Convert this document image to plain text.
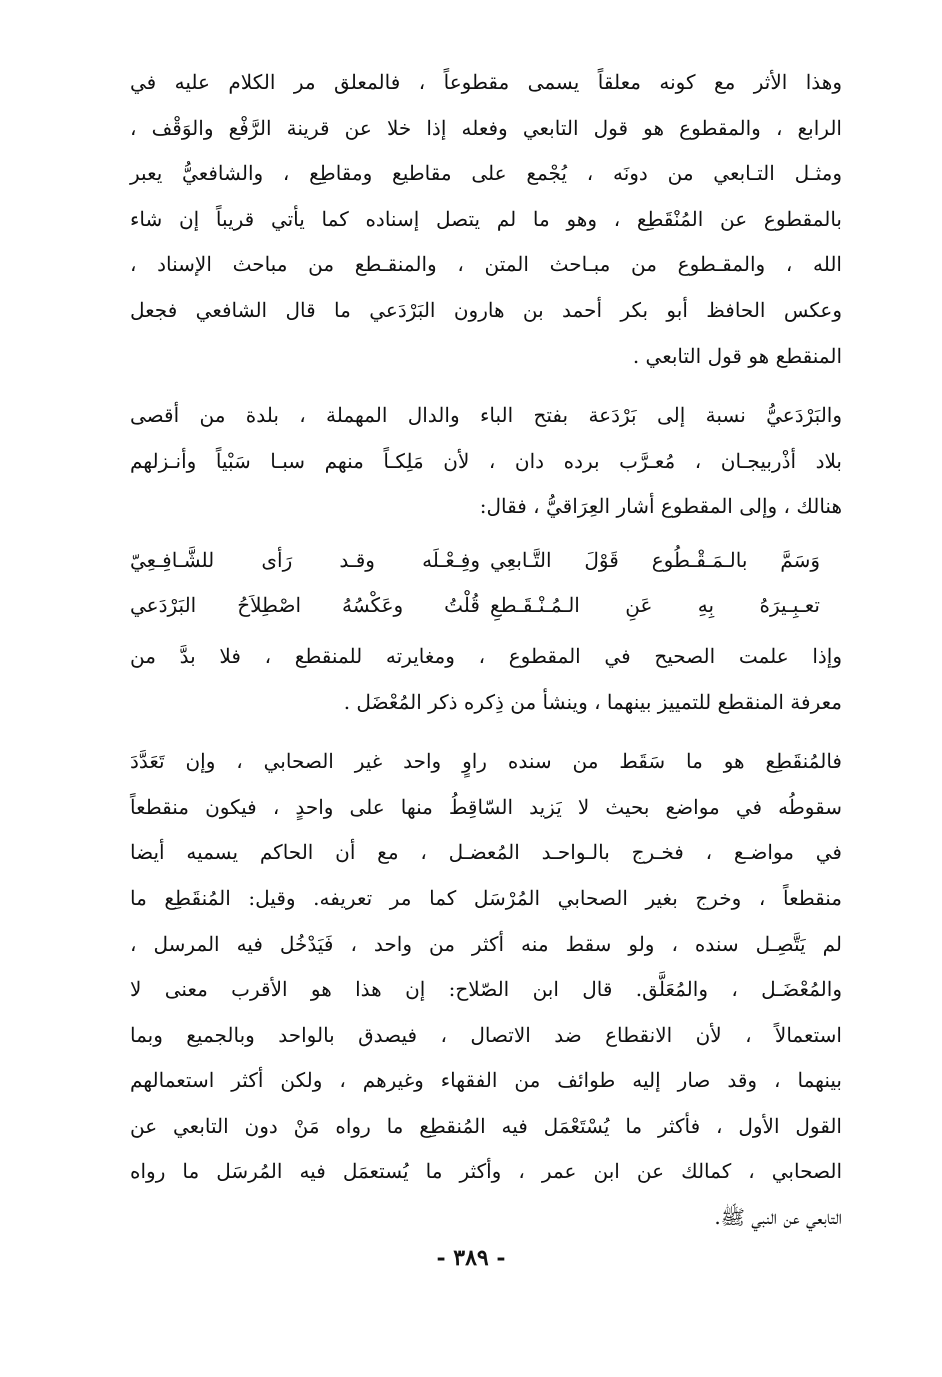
وهذا الأثر مع كونه معلقاً يسمى مقطوعاً ، فالمعلق مر الكلام عليه في
الرابع ، والمقطوع هو قول التابعي وفعله إذا خلا عن قرينة الرَّفْع والوَقْف ،
ومثـل التـابعي من دونَه ، يُجْمع على مقاطيع ومقاطِع ، والشافعيُّ يعبر
بالمقطوع عن المُنْقَطِع ، وهو ما لم يتصل إسناده كما يأتي قريباً إن شاء
الله ، والمقـطوع من مبـاحث المتن ، والمنقـطع من مباحث الإسناد ،
وعكس الحافظ أبو بكر أحمد بن هارون البَرْدَعي ما قال الشافعي فجعل
المنقطع هو قول التابعي .
والبَرْدَعيُّ نسبة إلى بَرْدَعة بفتح الباء والدال المهملة ، بلدة من أقصى
بلاد أذْربيجـان ، مُعـرَّب برده دان ، لأن مَلِكـاً منهم سبـا سَبْياً وأنـزلهم
هنالك ، وإلى المقطوع أشار العِرَاقيُّ ، فقال:
وَسَمَّ بالـمَـقْـطُوع قَوْلَ التَّـابعِي
وفِـعْـلَه وقـد رَأى للشَّـافِـعِيّ
تعـبِـيرَهُ بِهِ عَنِ الـمُـنْـقَـطعِ
قُلْتُ وعَكْسُهُ اصْطِلاَحُ البَرْدَعي
وإذا علمت الصحيح في المقطوع ، ومغايرته للمنقطع ، فلا بدَّ من
معرفة المنقطع للتمييز بينهما ، وينشأ من ذِكره ذكر المُعْضَل .
فالمُنقَطِع هو ما سَقَط من سنده راوٍ واحد غير الصحابي ، وإن تَعَدَّدَ
سقوطُه في مواضع بحيث لا يَزيد السّاقِطُ منها على واحدٍ ، فيكون منقطعاً
في مواضـع ، فخـرج بالـواحـد المُعضـل ، مع أن الحاكم يسميه أيضا
منقطعاً ، وخرج بغير الصحابي المُرْسَل كما مر تعريفه. وقيل: المُنقَطِع ما
لم يَتَّصِـل سنده ، ولو سقط منه أكثر من واحد ، فَيَدْخُل فيه المرسل ،
والمُعْضَـل ، والمُعَلَّق. قال ابن الصّلاح: إن هذا هو الأقرب معنى لا
استعمالاً ، لأن الانقطاع ضد الاتصال ، فيصدق بالواحد وبالجميع وبما
بينهما ، وقد صار إليه طوائف من الفقهاء وغيرهم ، ولكن أكثر استعمالهم
القول الأول ، فأكثر ما يُسْتَعْمَل فيه المُنقطِع ما رواه مَنْ دون التابعي عن
الصحابي ، كمالك عن ابن عمر ، وأكثر ما يُستعمَل فيه المُرسَل ما رواه
التابعي عن النبي ﷺ.
- ٣٨٩ -
